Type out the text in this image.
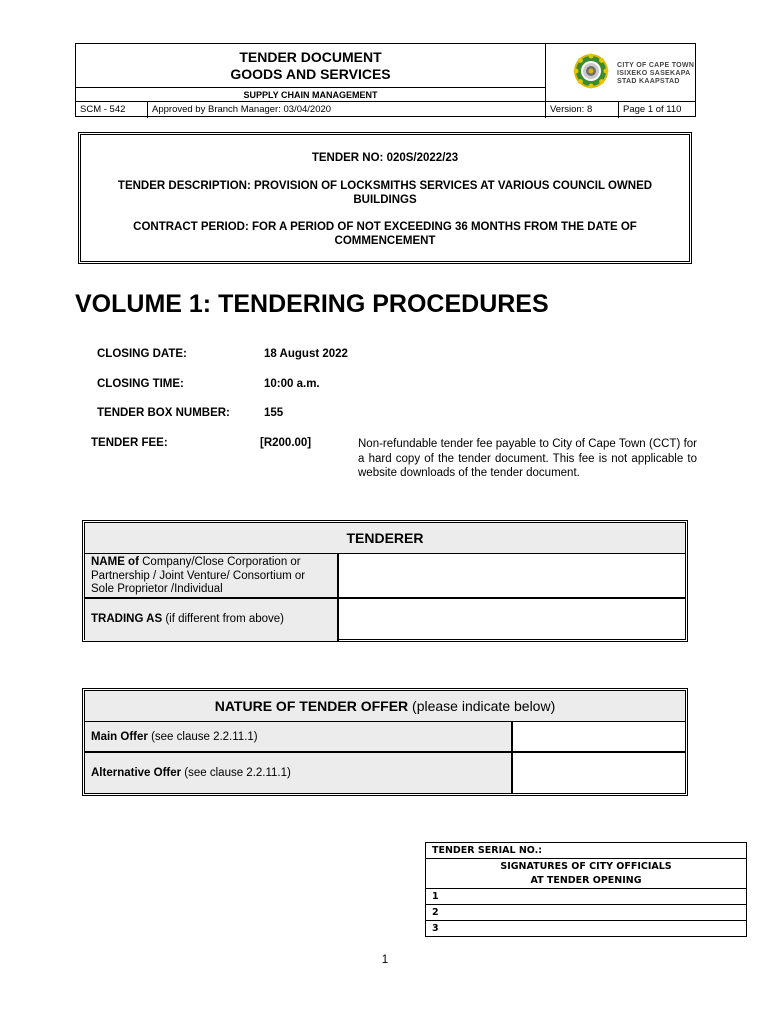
TENDER DOCUMENT
GOODS AND SERVICES
SUPPLY CHAIN MANAGEMENT
SCM - 542	Approved by Branch Manager: 03/04/2020	Version: 8	Page 1 of 110
CITY OF CAPE TOWN
ISIXEKO SASEKAPA
STAD KAAPSTAD
TENDER NO: 020S/2022/23
TENDER DESCRIPTION: PROVISION OF LOCKSMITHS SERVICES AT VARIOUS COUNCIL OWNED BUILDINGS
CONTRACT PERIOD: FOR A PERIOD OF NOT EXCEEDING 36 MONTHS FROM THE DATE OF COMMENCEMENT
VOLUME 1: TENDERING PROCEDURES
CLOSING DATE:	18 August 2022
CLOSING TIME:	10:00 a.m.
TENDER BOX NUMBER:	155
TENDER FEE:	[R200.00]	Non-refundable tender fee payable to City of Cape Town (CCT) for a hard copy of the tender document. This fee is not applicable to website downloads of the tender document.
TENDERER
NAME of Company/Close Corporation or Partnership / Joint Venture/ Consortium or Sole Proprietor /Individual
TRADING AS (if different from above)
NATURE OF TENDER OFFER (please indicate below)
Main Offer (see clause 2.2.11.1)
Alternative Offer (see clause 2.2.11.1)
TENDER SERIAL NO.:
SIGNATURES OF CITY OFFICIALS
AT TENDER OPENING
1
2
3
1
